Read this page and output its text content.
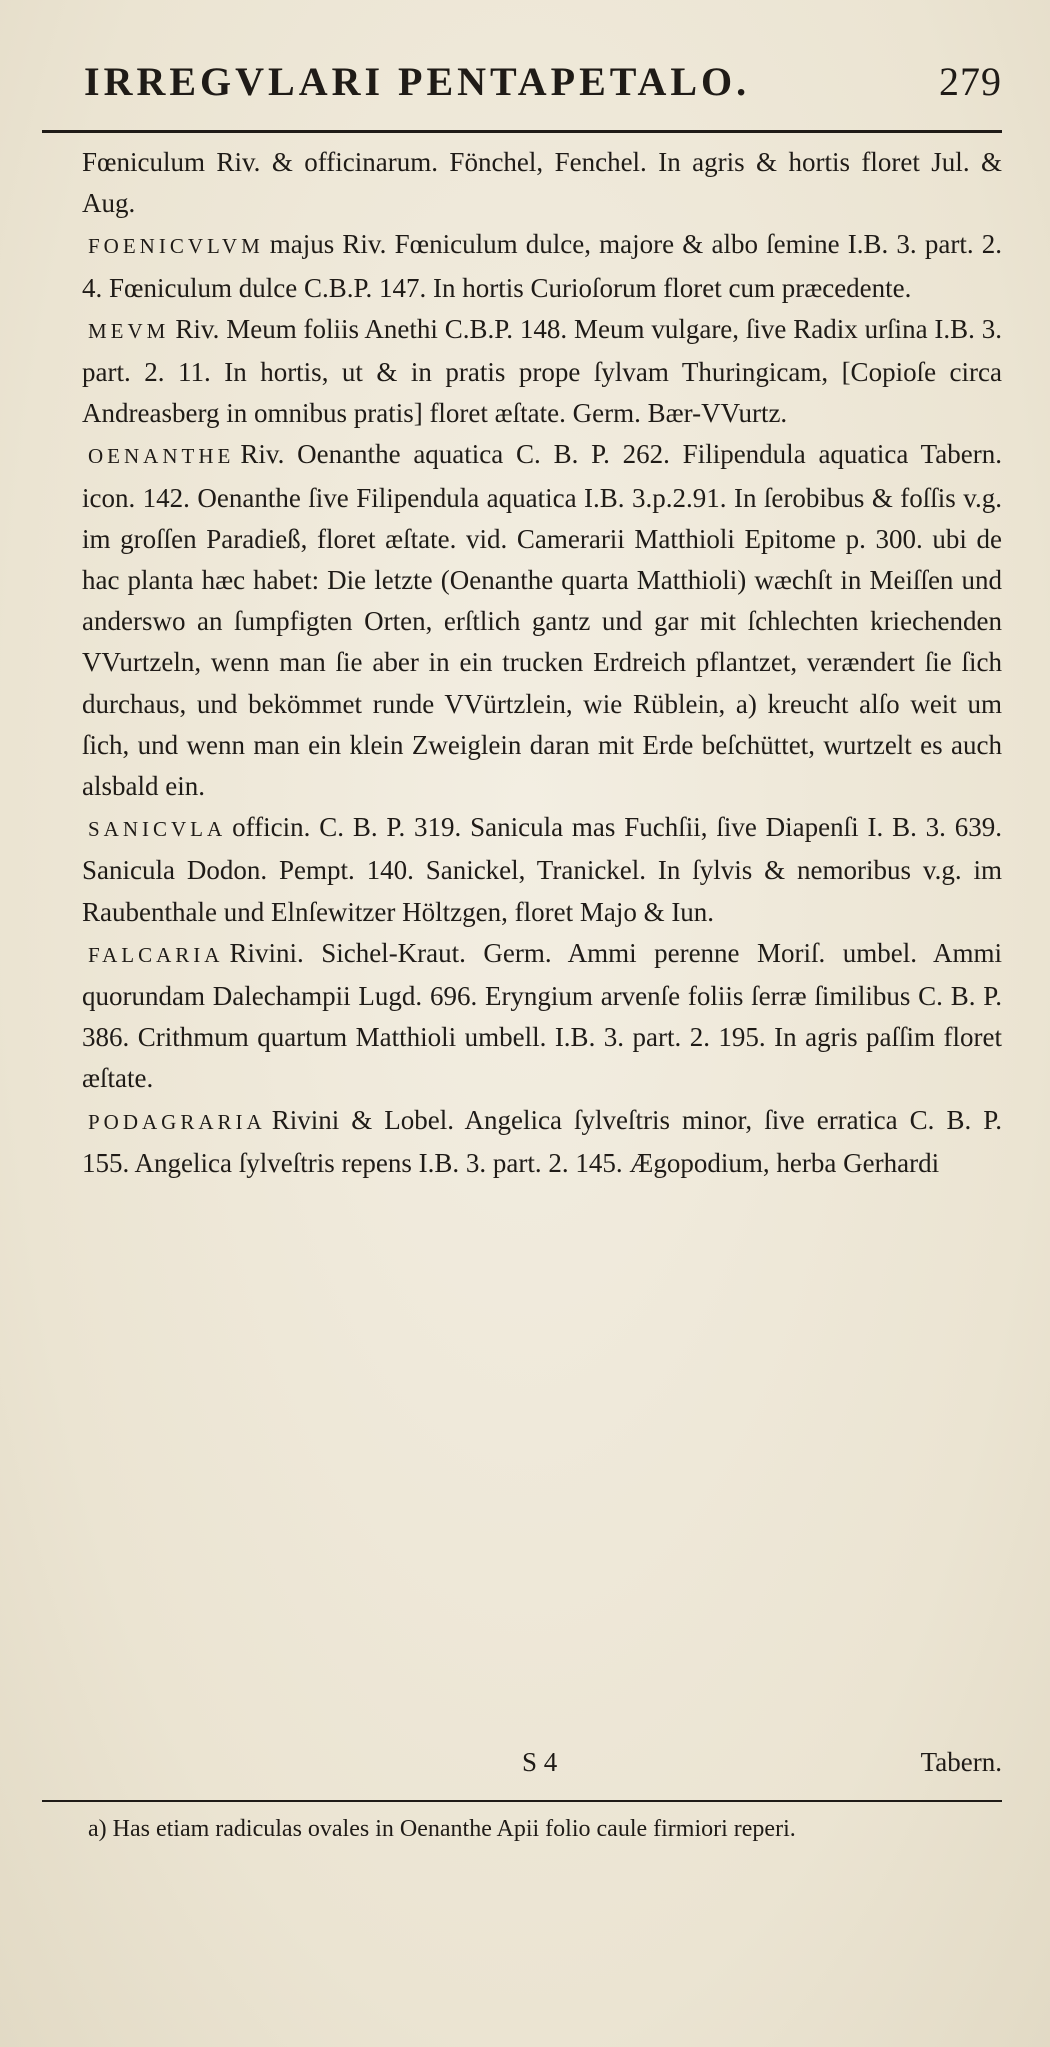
IRREGVLARI PENTAPETALO.	279

Fœniculum Riv. & officinarum. Fönchel, Fenchel. In agris & hortis floret Jul. & Aug.

FOENICVLVM majus Riv. Fœniculum dulce, majore & albo ſemine I.B. 3. part. 2. 4. Fœniculum dulce C.B.P. 147. In hortis Curioſorum floret cum præcedente.

MEVM Riv. Meum foliis Anethi C.B.P. 148. Meum vulgare, ſive Radix urſina I.B. 3. part. 2. 11. In hortis, ut & in pratis prope ſylvam Thuringicam, [Copioſe circa Andreasberg in omnibus pratis] floret æſtate. Germ. Bær-VVurtz.

OENANTHE Riv. Oenanthe aquatica C. B. P. 262. Filipendula aquatica Tabern. icon. 142. Oenanthe ſive Filipendula aquatica I.B. 3.p.2.91. In ſerobibus & foſſis v.g. im groſſen Paradieß, floret æſtate. vid. Camerarii Matthioli Epitome p. 300. ubi de hac planta hæc habet: Die letzte (Oenanthe quarta Matthioli) wæchſt in Meiſſen und anderswo an ſumpfigten Orten, erſtlich gantz und gar mit ſchlechten kriechenden VVurtzeln, wenn man ſie aber in ein trucken Erdreich pflantzet, verændert ſie ſich durchaus, und bekömmet runde VVürtzlein, wie Rüblein, a) kreucht alſo weit um ſich, und wenn man ein klein Zweiglein daran mit Erde beſchüttet, wurtzelt es auch alsbald ein.

SANICVLA officin. C. B. P. 319. Sanicula mas Fuchſii, ſive Diapenſi I. B. 3. 639. Sanicula Dodon. Pempt. 140. Sanickel, Tranickel. In ſylvis & nemoribus v.g. im Raubenthale und Elnſewitzer Höltzgen, floret Majo & Iun.

FALCARIA Rivini. Sichel-Kraut. Germ. Ammi perenne Moriſ. umbel. Ammi quorundam Dalechampii Lugd. 696. Eryngium arvenſe foliis ſerræ ſimilibus C. B. P. 386. Crithmum quartum Matthioli umbell. I.B. 3. part. 2. 195. In agris paſſim floret æſtate.

PODAGRARIA Rivini & Lobel. Angelica ſylveſtris minor, ſive erratica C. B. P. 155. Angelica ſylveſtris repens I.B. 3. part. 2. 145. Ægopodium, herba Gerhardi

S 4	Tabern.
a) Has etiam radiculas ovales in Oenanthe Apii folio caule firmiori reperi.
